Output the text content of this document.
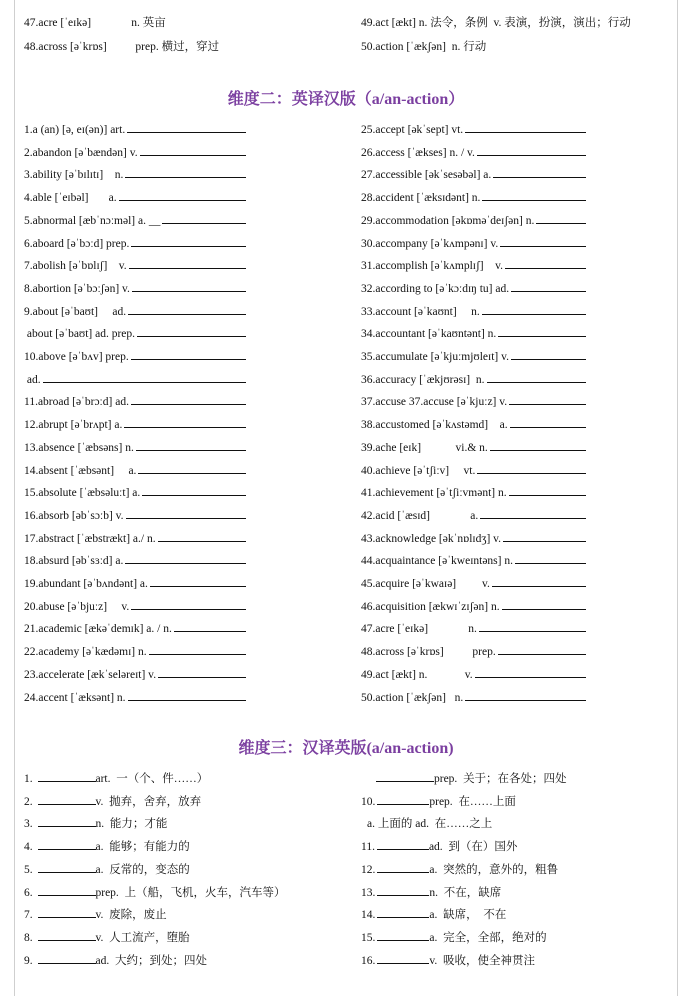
47.acre [ˈeɪkə]              n. 英亩	49.act [ækt] n. 法令，条例  v. 表演，扮演，演出；行动
48.across [əˈkrɒs]          prep. 横过，穿过	50.action [ˈækʃən]  n. 行动
维度二：英译汉版（a/an-action）
1.a (an) [ə, eɪ(ən)] art.
2.abandon [əˈbændən] v.
3.ability [əˈbɪlɪtɪ]    n.
4.able [ˈeɪbəl]       a.
5.abnormal [æbˈnɔːməl] a. __
6.aboard [əˈbɔːd] prep.
7.abolish [əˈbɒlɪʃ]    v.
8.abortion [əˈbɔːʃən] v.
9.about [əˈbaʊt]     ad.
about [əˈbaʊt] ad. prep.
10.above [əˈbʌv] prep.
ad.
11.abroad [əˈbrɔːd] ad.
12.abrupt [əˈbrʌpt] a.
13.absence [ˈæbsəns] n.
14.absent [ˈæbsənt]     a.
15.absolute [ˈæbsəluːt] a.
16.absorb [əbˈsɔːb] v.
17.abstract [ˈæbstrækt] a./ n.
18.absurd [əbˈsɜːd] a.
19.abundant [əˈbʌndənt] a.
20.abuse [əˈbjuːz]     v.
21.academic [ækəˈdemɪk] a. / n.
22.academy [əˈkædəmɪ] n.
23.accelerate [ækˈseləreɪt] v.
24.accent [ˈæksənt] n.
25.accept [əkˈsept] vt.
26.access [ˈækses] n. / v.
27.accessible [əkˈsesəbəl] a.
28.accident [ˈæksɪdənt] n.
29.accommodation [əkɒməˈdeɪʃən] n.
30.accompany [əˈkʌmpənɪ] v.
31.accomplish [əˈkʌmplɪʃ]    v.
32.according to [əˈkɔːdɪŋ tu] ad.
33.account [əˈkaʊnt]     n.
34.accountant [əˈkaʊntənt] n.
35.accumulate [əˈkjuːmjʊleɪt] v.
36.accuracy [ˈækjʊrəsɪ]  n.
37.accuse 37.accuse [əˈkjuːz] v.
38.accustomed [əˈkʌstəmd]    a.
39.ache [eɪk]            vi.& n.
40.achieve [əˈtʃiːv]     vt.
41.achievement [əˈtʃiːvmənt] n.
42.acid [ˈæsɪd]              a.
43.acknowledge [əkˈnɒlɪdʒ] v.
44.acquaintance [əˈkweɪntəns] n.
45.acquire [əˈkwaɪə]         v.
46.acquisition [ækwɪˈzɪʃən] n.
47.acre [ˈeɪkə]              n.
48.across [əˈkrɒs]          prep.
49.act [ækt] n.             v.
50.action [ˈækʃən]   n.
维度三：汉译英版(a/an-action)
1.	art. 一（个、件……）
2.	v. 抛弃，舍弃，放弃
3.	n. 能力；才能
4.	a. 能够；有能力的
5.	a. 反常的，变态的
6.	prep. 上（船，飞机，火车，汽车等）
7.	v. 废除，废止
8.	v. 人工流产，堕胎
9.	ad. 大约；到处；四处
prep. 关于；在各处；四处
10.	prep. 在……上面
a. 上面的 ad. 在……之上
11.	ad. 到（在）国外
12.	a. 突然的，意外的，粗鲁
13.	n. 不在，缺席
14.	a. 缺席，  不在
15.	a. 完全，全部，绝对的
16.	v. 吸收，使全神贯注
